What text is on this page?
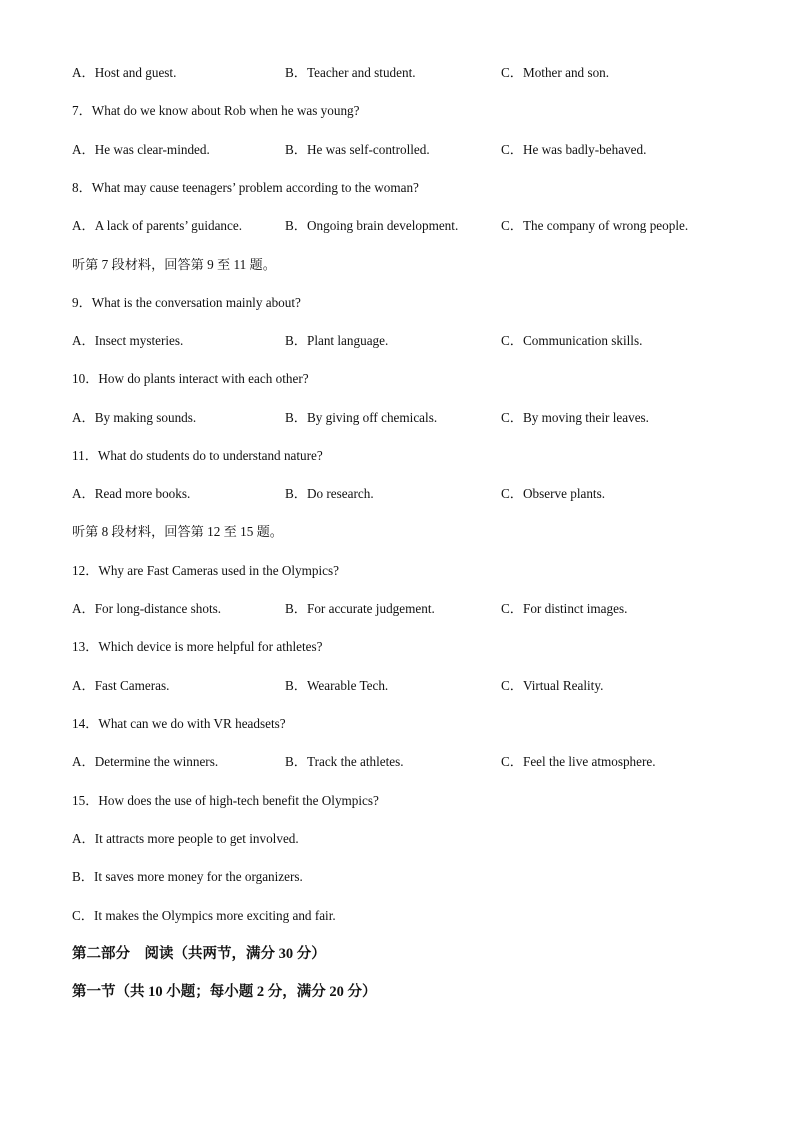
A．Host and guest.	B．Teacher and student.	C．Mother and son.
7．What do we know about Rob when he was young?
A．He was clear-minded.	B．He was self-controlled.	C．He was badly-behaved.
8．What may cause teenagers’ problem according to the woman?
A．A lack of parents’ guidance.	B．Ongoing brain development.	C．The company of wrong people.
听第 7 段材料，回答第 9 至 11 题。
9．What is the conversation mainly about?
A．Insect mysteries.	B．Plant language.	C．Communication skills.
10．How do plants interact with each other?
A．By making sounds.	B．By giving off chemicals.	C．By moving their leaves.
11．What do students do to understand nature?
A．Read more books.	B．Do research.	C．Observe plants.
听第 8 段材料，回答第 12 至 15 题。
12．Why are Fast Cameras used in the Olympics?
A．For long-distance shots.	B．For accurate judgement.	C．For distinct images.
13．Which device is more helpful for athletes?
A．Fast Cameras.	B．Wearable Tech.	C．Virtual Reality.
14．What can we do with VR headsets?
A．Determine the winners.	B．Track the athletes.	C．Feel the live atmosphere.
15．How does the use of high-tech benefit the Olympics?
A．It attracts more people to get involved.
B．It saves more money for the organizers.
C．It makes the Olympics more exciting and fair.
第二部分　阅读（共两节，满分 30 分）
第一节（共 10 小题；每小题 2 分，满分 20 分）
